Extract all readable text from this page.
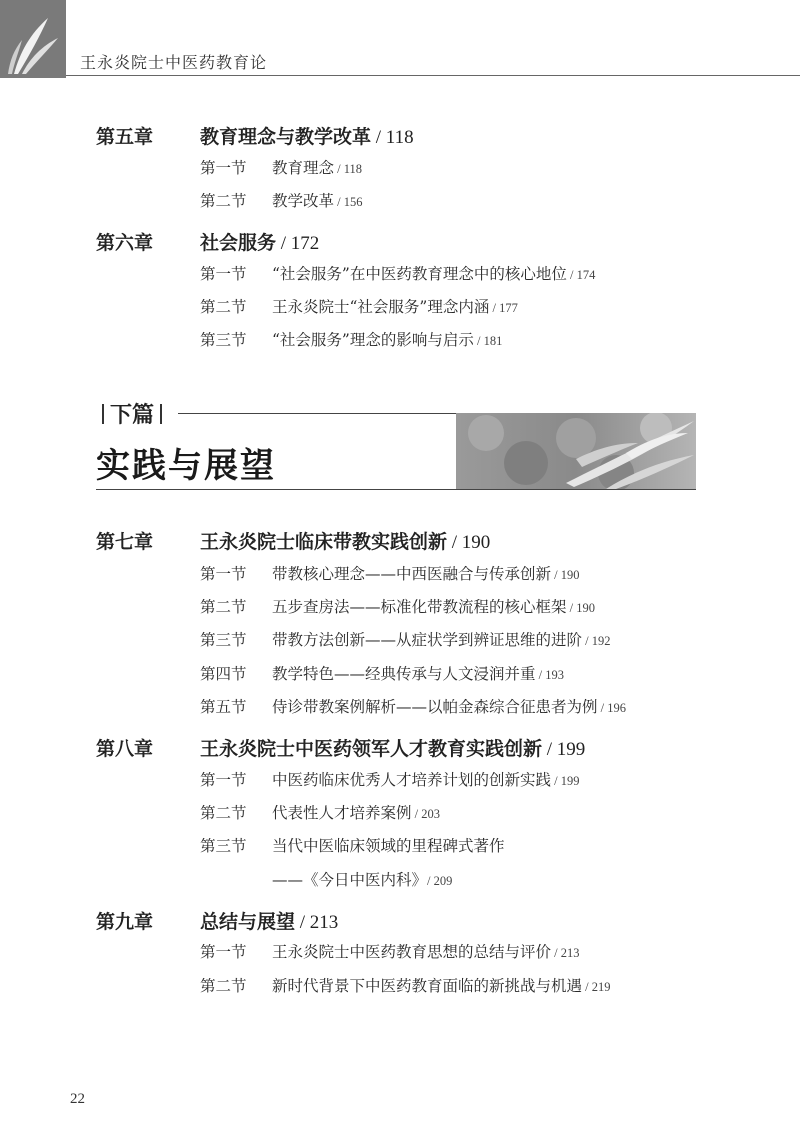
王永炎院士中医药教育论
第五章 教育理念与教学改革 / 118
第一节 教育理念 / 118
第二节 教学改革 / 156
第六章 社会服务 / 172
第一节 “社会服务”在中医药教育理念中的核心地位 / 174
第二节 王永炎院士“社会服务”理念内涵 / 177
第三节 “社会服务”理念的影响与启示 / 181
下篇
实践与展望
第七章 王永炎院士临床带教实践创新 / 190
第一节 带教核心理念——中西医融合与传承创新 / 190
第二节 五步查房法——标准化带教流程的核心框架 / 190
第三节 带教方法创新——从症状学到辨证思维的进阶 / 192
第四节 教学特色——经典传承与人文浸润并重 / 193
第五节 侍诊带教案例解析——以帕金森综合征患者为例 / 196
第八章 王永炎院士中医药领军人才教育实践创新 / 199
第一节 中医药临床优秀人才培养计划的创新实践 / 199
第二节 代表性人才培养案例 / 203
第三节 当代中医临床领域的里程碑式著作
——《今日中医内科》/ 209
第九章 总结与展望 / 213
第一节 王永炎院士中医药教育思想的总结与评价 / 213
第二节 新时代背景下中医药教育面临的新挑战与机遇 / 219
22
